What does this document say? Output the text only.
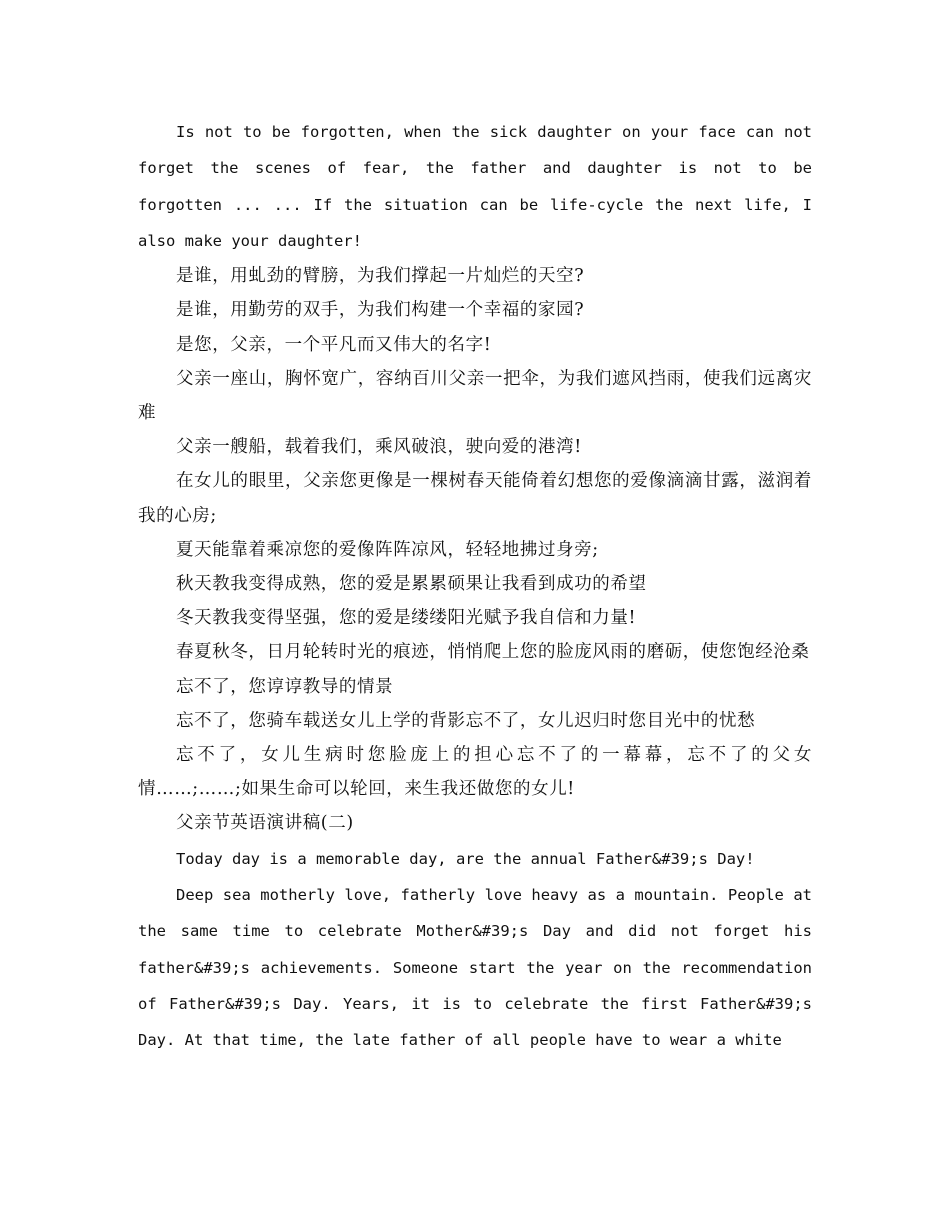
Is not to be forgotten, when the sick daughter on your face can not forget the scenes of fear, the father and daughter is not to be forgotten ... ... If the situation can be life-cycle the next life, I also make your daughter!

是谁，用虬劲的臂膀，为我们撑起一片灿烂的天空?

是谁，用勤劳的双手，为我们构建一个幸福的家园?

是您，父亲，一个平凡而又伟大的名字!

父亲一座山，胸怀宽广，容纳百川父亲一把伞，为我们遮风挡雨，使我们远离灾难

父亲一艘船，载着我们，乘风破浪，驶向爱的港湾!

在女儿的眼里，父亲您更像是一棵树春天能倚着幻想您的爱像滴滴甘露，滋润着我的心房;

夏天能靠着乘凉您的爱像阵阵凉风，轻轻地拂过身旁;

秋天教我变得成熟，您的爱是累累硕果让我看到成功的希望

冬天教我变得坚强，您的爱是缕缕阳光赋予我自信和力量!

春夏秋冬，日月轮转时光的痕迹，悄悄爬上您的脸庞风雨的磨砺，使您饱经沧桑

忘不了，您谆谆教导的情景

忘不了，您骑车载送女儿上学的背影忘不了，女儿迟归时您目光中的忧愁

忘不了，女儿生病时您脸庞上的担心忘不了的一幕幕，忘不了的父女情……;……;如果生命可以轮回，来生我还做您的女儿!

父亲节英语演讲稿(二)

Today day is a memorable day, are the annual Father&#39;s Day!

Deep sea motherly love, fatherly love heavy as a mountain. People at the same time to celebrate Mother&#39;s Day and did not forget his father&#39;s achievements. Someone start the year on the recommendation of Father&#39;s Day. Years, it is to celebrate the first Father&#39;s Day. At that time, the late father of all people have to wear a white
